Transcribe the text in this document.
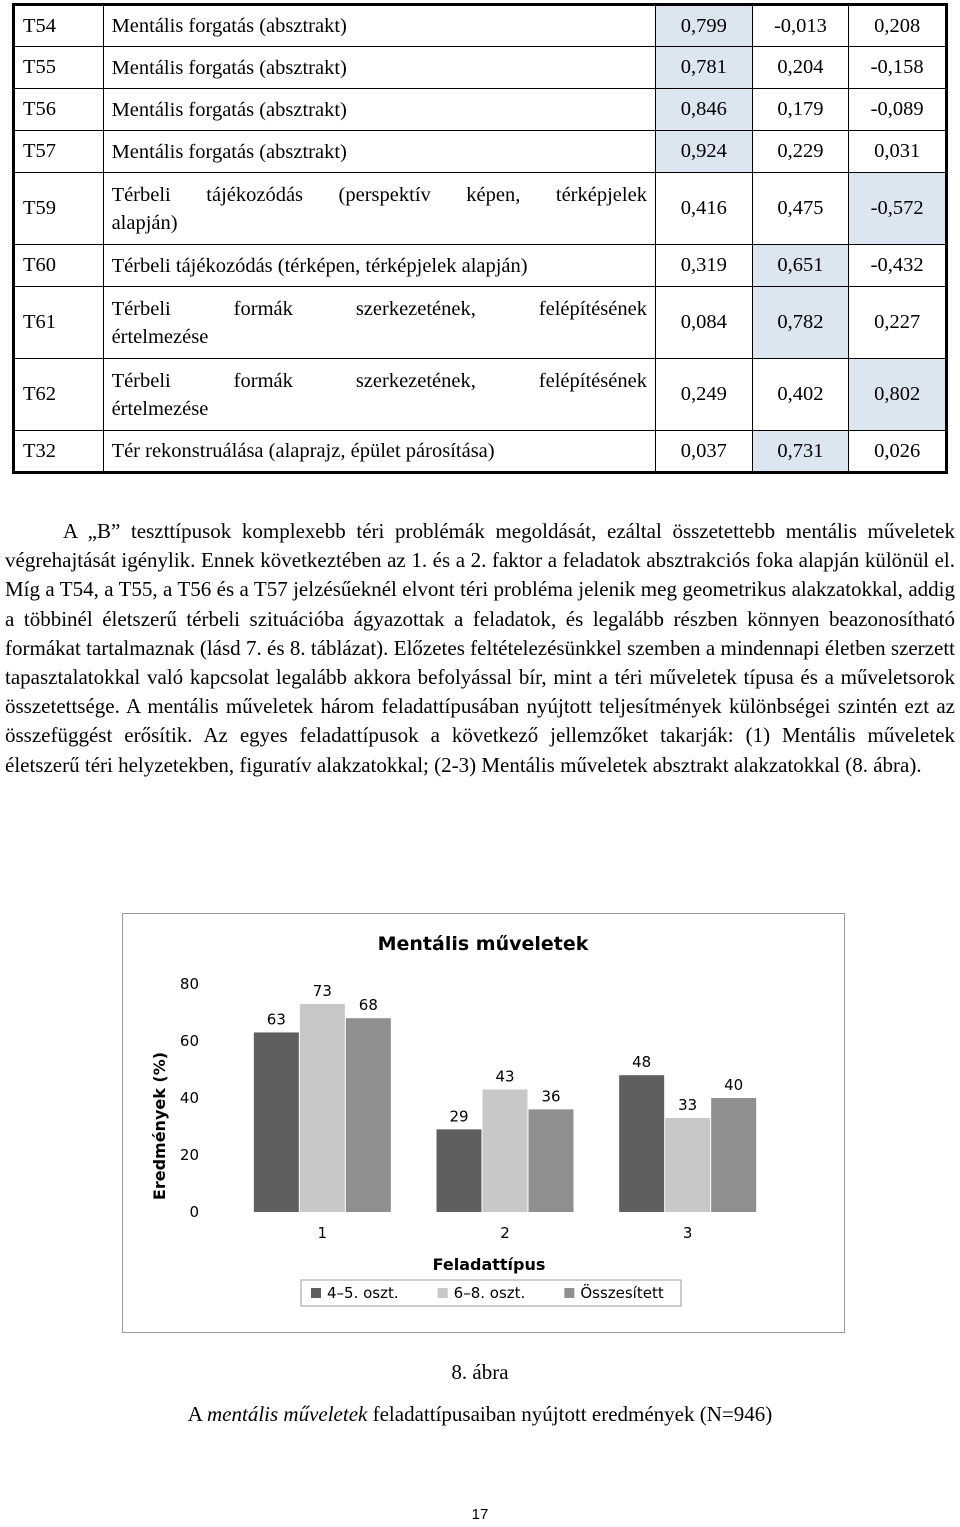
T54	Mentális forgatás (absztrakt)	0,799	-0,013	0,208
T55	Mentális forgatás (absztrakt)	0,781	0,204	-0,158
T56	Mentális forgatás (absztrakt)	0,846	0,179	-0,089
T57	Mentális forgatás (absztrakt)	0,924	0,229	0,031
T59	Térbeli tájékozódás (perspektív képen, térképjelek
alapján)	0,416	0,475	-0,572
T60	Térbeli tájékozódás (térképen, térképjelek alapján)	0,319	0,651	-0,432
T61	Térbeli formák szerkezetének, felépítésének
értelmezése	0,084	0,782	0,227
T62	Térbeli formák szerkezetének, felépítésének
értelmezése	0,249	0,402	0,802
T32	Tér rekonstruálása (alaprajz, épület párosítása)	0,037	0,731	0,026

A „B” teszttípusok komplexebb téri problémák megoldását, ezáltal összetettebb mentális műveletek végrehajtását igénylik. Ennek következtében az 1. és a 2. faktor a feladatok absztrakciós foka alapján különül el. Míg a T54, a T55, a T56 és a T57 jelzésűeknél elvont téri probléma jelenik meg geometrikus alakzatokkal, addig a többinél életszerű térbeli szituációba ágyazottak a feladatok, és legalább részben könnyen beazonosítható formákat tartalmaznak (lásd 7. és 8. táblázat). Előzetes feltételezésünkkel szemben a mindennapi életben szerzett tapasztalatokkal való kapcsolat legalább akkora befolyással bír, mint a téri műveletek típusa és a műveletsorok összetettsége. A mentális műveletek három feladattípusában nyújtott teljesítmények különbségei szintén ezt az összefüggést erősítik. Az egyes feladattípusok a következő jellemzőket takarják: (1) Mentális műveletek életszerű téri helyzetekben, figuratív alakzatokkal; (2-3) Mentális műveletek absztrakt alakzatokkal (8. ábra).

Mentális műveletek
Eredmények (%)
Feladattípus
0
20
40
60
80
63
73
68
1
29
43
36
2
48
33
40
3
4–5. oszt.	6–8. oszt.	Összesített

8. ábra

A mentális műveletek feladattípusaiban nyújtott eredmények (N=946)

17
